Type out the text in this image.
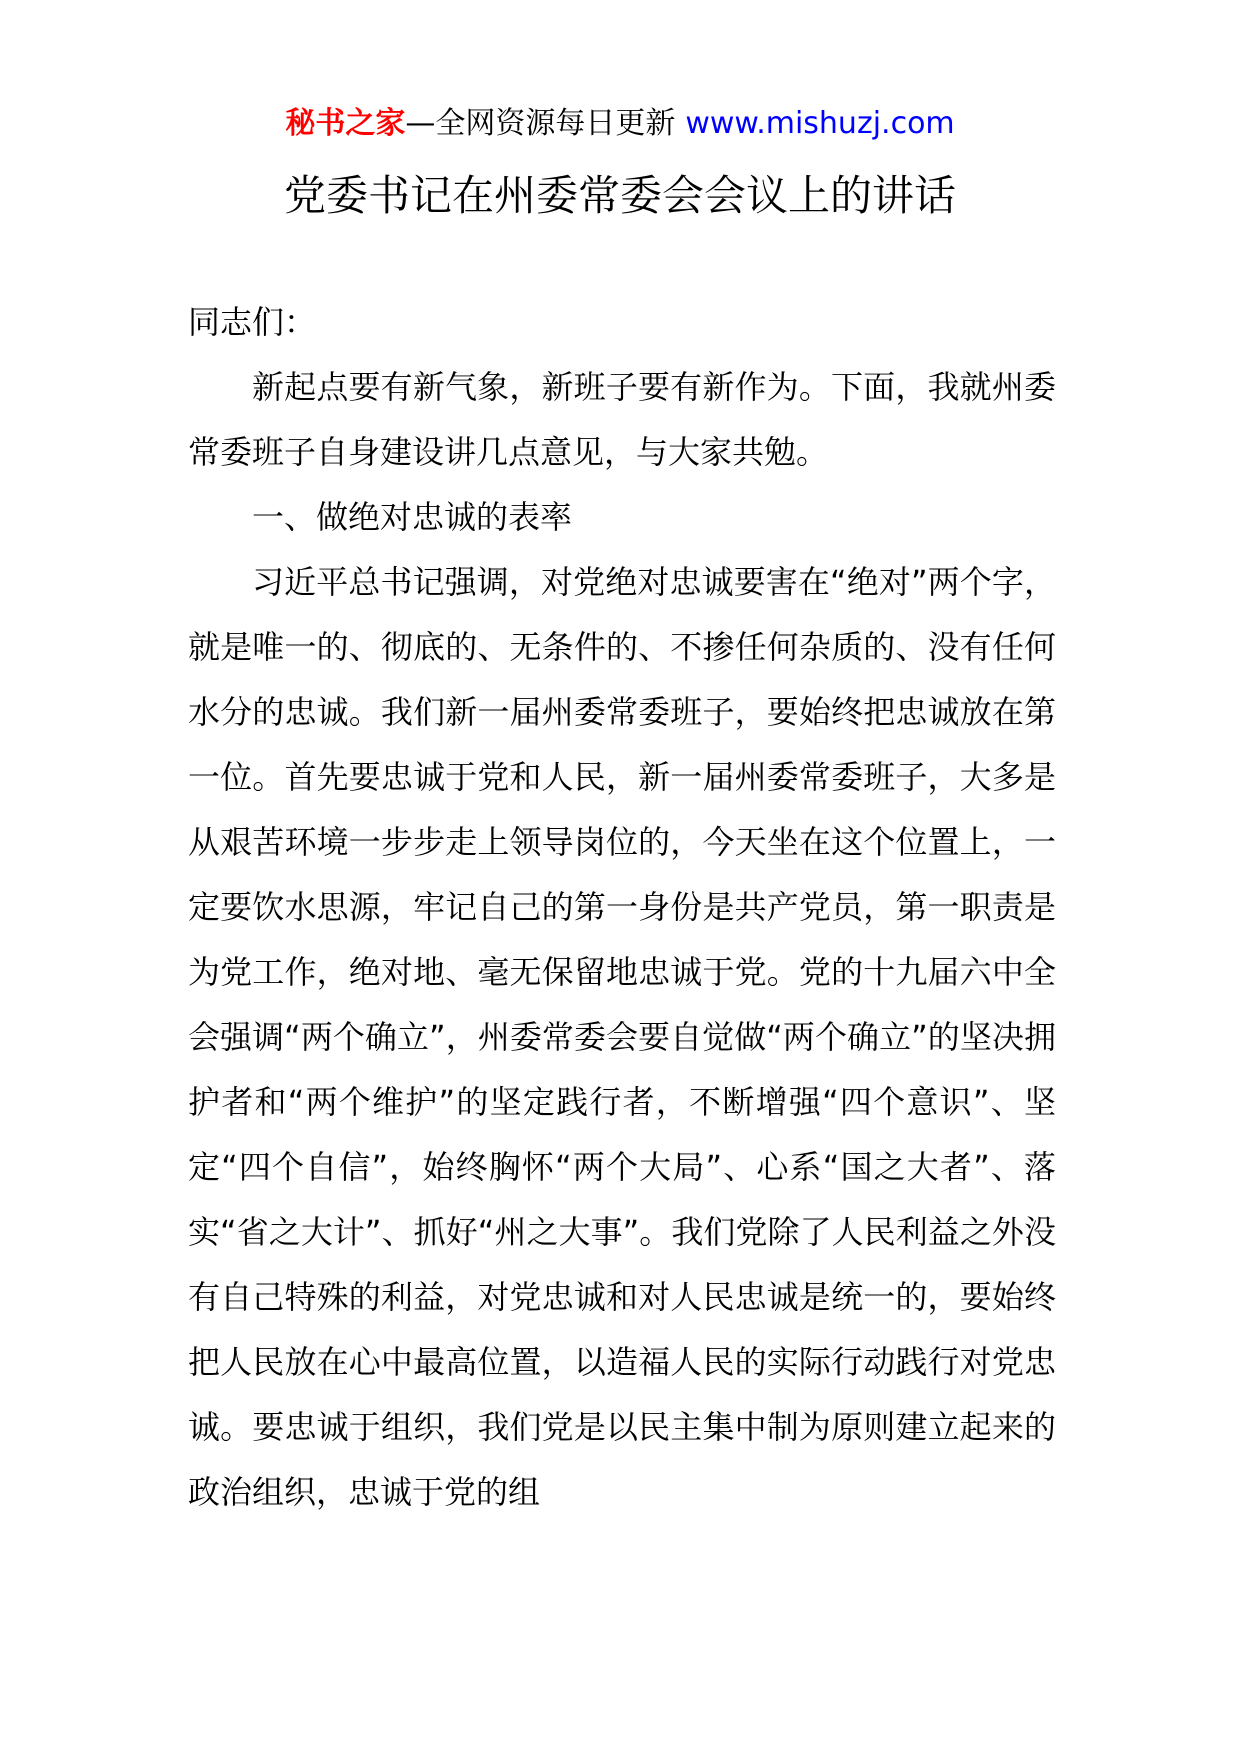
秘书之家—全网资源每日更新 www.mishuzj.com
党委书记在州委常委会会议上的讲话

同志们：

新起点要有新气象，新班子要有新作为。下面，我就州委常委班子自身建设讲几点意见，与大家共勉。

一、做绝对忠诚的表率

习近平总书记强调，对党绝对忠诚要害在“绝对”两个字，就是唯一的、彻底的、无条件的、不掺任何杂质的、没有任何水分的忠诚。我们新一届州委常委班子，要始终把忠诚放在第一位。首先要忠诚于党和人民，新一届州委常委班子，大多是从艰苦环境一步步走上领导岗位的，今天坐在这个位置上，一定要饮水思源，牢记自己的第一身份是共产党员，第一职责是为党工作，绝对地、毫无保留地忠诚于党。党的十九届六中全会强调“两个确立”，州委常委会要自觉做“两个确立”的坚决拥护者和“两个维护”的坚定践行者，不断增强“四个意识”、坚定“四个自信”，始终胸怀“两个大局”、心系“国之大者”、落实“省之大计”、抓好“州之大事”。我们党除了人民利益之外没有自己特殊的利益，对党忠诚和对人民忠诚是统一的，要始终把人民放在心中最高位置，以造福人民的实际行动践行对党忠诚。要忠诚于组织，我们党是以民主集中制为原则建立起来的政治组织，忠诚于党的组
